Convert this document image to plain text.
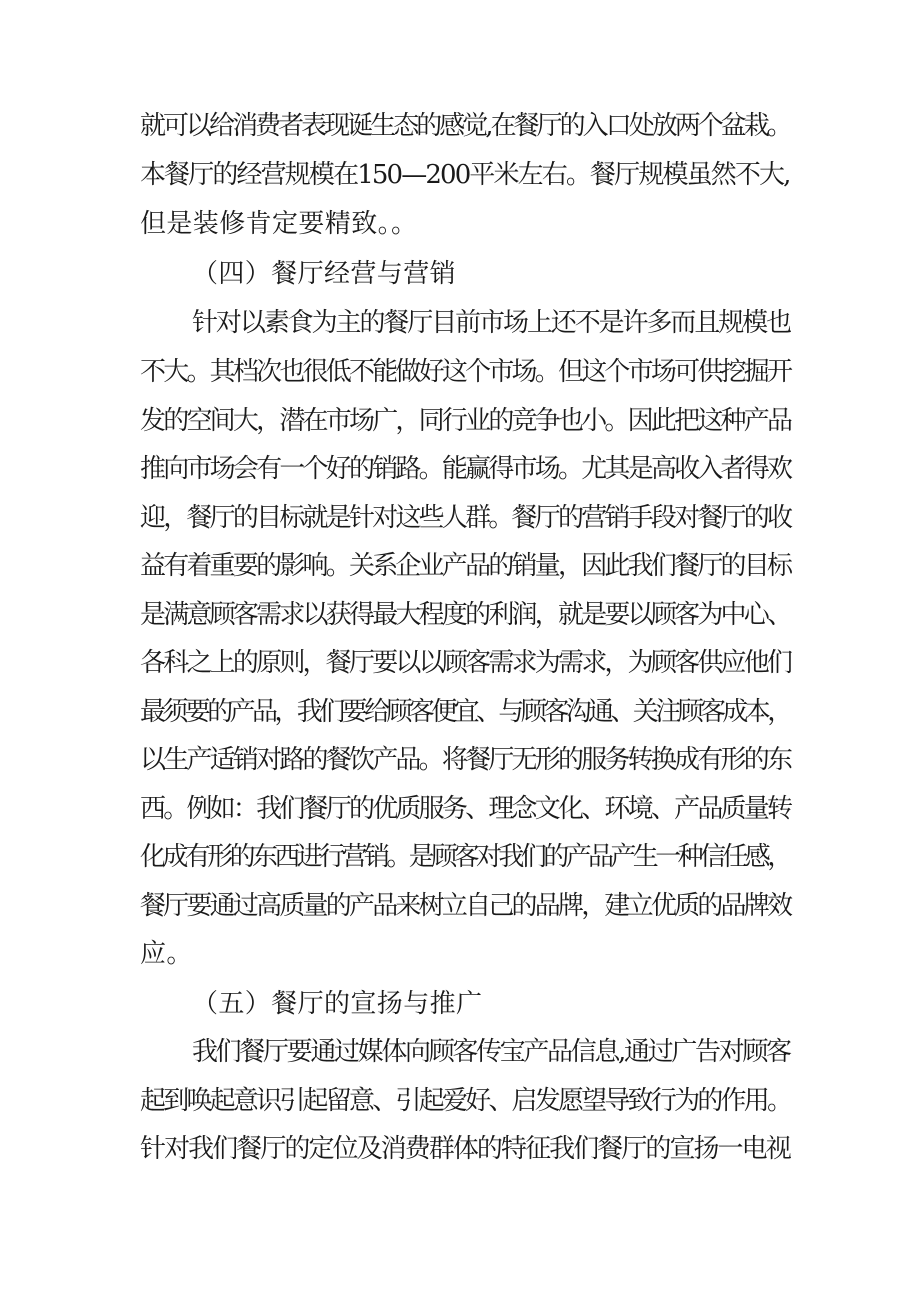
就可以给消费者表现诞生态的感觉,在餐厅的入口处放两个盆栽。
本餐厅的经营规模在150—200平米左右。餐厅规模虽然不大,
但是装修肯定要精致。。
（四）餐厅经营与营销
针对以素食为主的餐厅目前市场上还不是许多而且规模也
不大。其档次也很低不能做好这个市场。但这个市场可供挖掘开
发的空间大，潜在市场广，同行业的竞争也小。因此把这种产品
推向市场会有一个好的销路。能赢得市场。尤其是高收入者得欢
迎，餐厅的目标就是针对这些人群。餐厅的营销手段对餐厅的收
益有着重要的影响。关系企业产品的销量，因此我们餐厅的目标
是满意顾客需求以获得最大程度的利润，就是要以顾客为中心、
各科之上的原则，餐厅要以以顾客需求为需求，为顾客供应他们
最须要的产品，我们要给顾客便宜、与顾客沟通、关注顾客成本，
以生产适销对路的餐饮产品。将餐厅无形的服务转换成有形的东
西。例如：我们餐厅的优质服务、理念文化、环境、产品质量转
化成有形的东西进行营销。是顾客对我们的产品产生一种信任感，
餐厅要通过高质量的产品来树立自己的品牌，建立优质的品牌效
应。
（五）餐厅的宣扬与推广
我们餐厅要通过媒体向顾客传宝产品信息,通过广告对顾客
起到唤起意识引起留意、引起爱好、启发愿望导致行为的作用。
针对我们餐厅的定位及消费群体的特征我们餐厅的宣扬一电视
